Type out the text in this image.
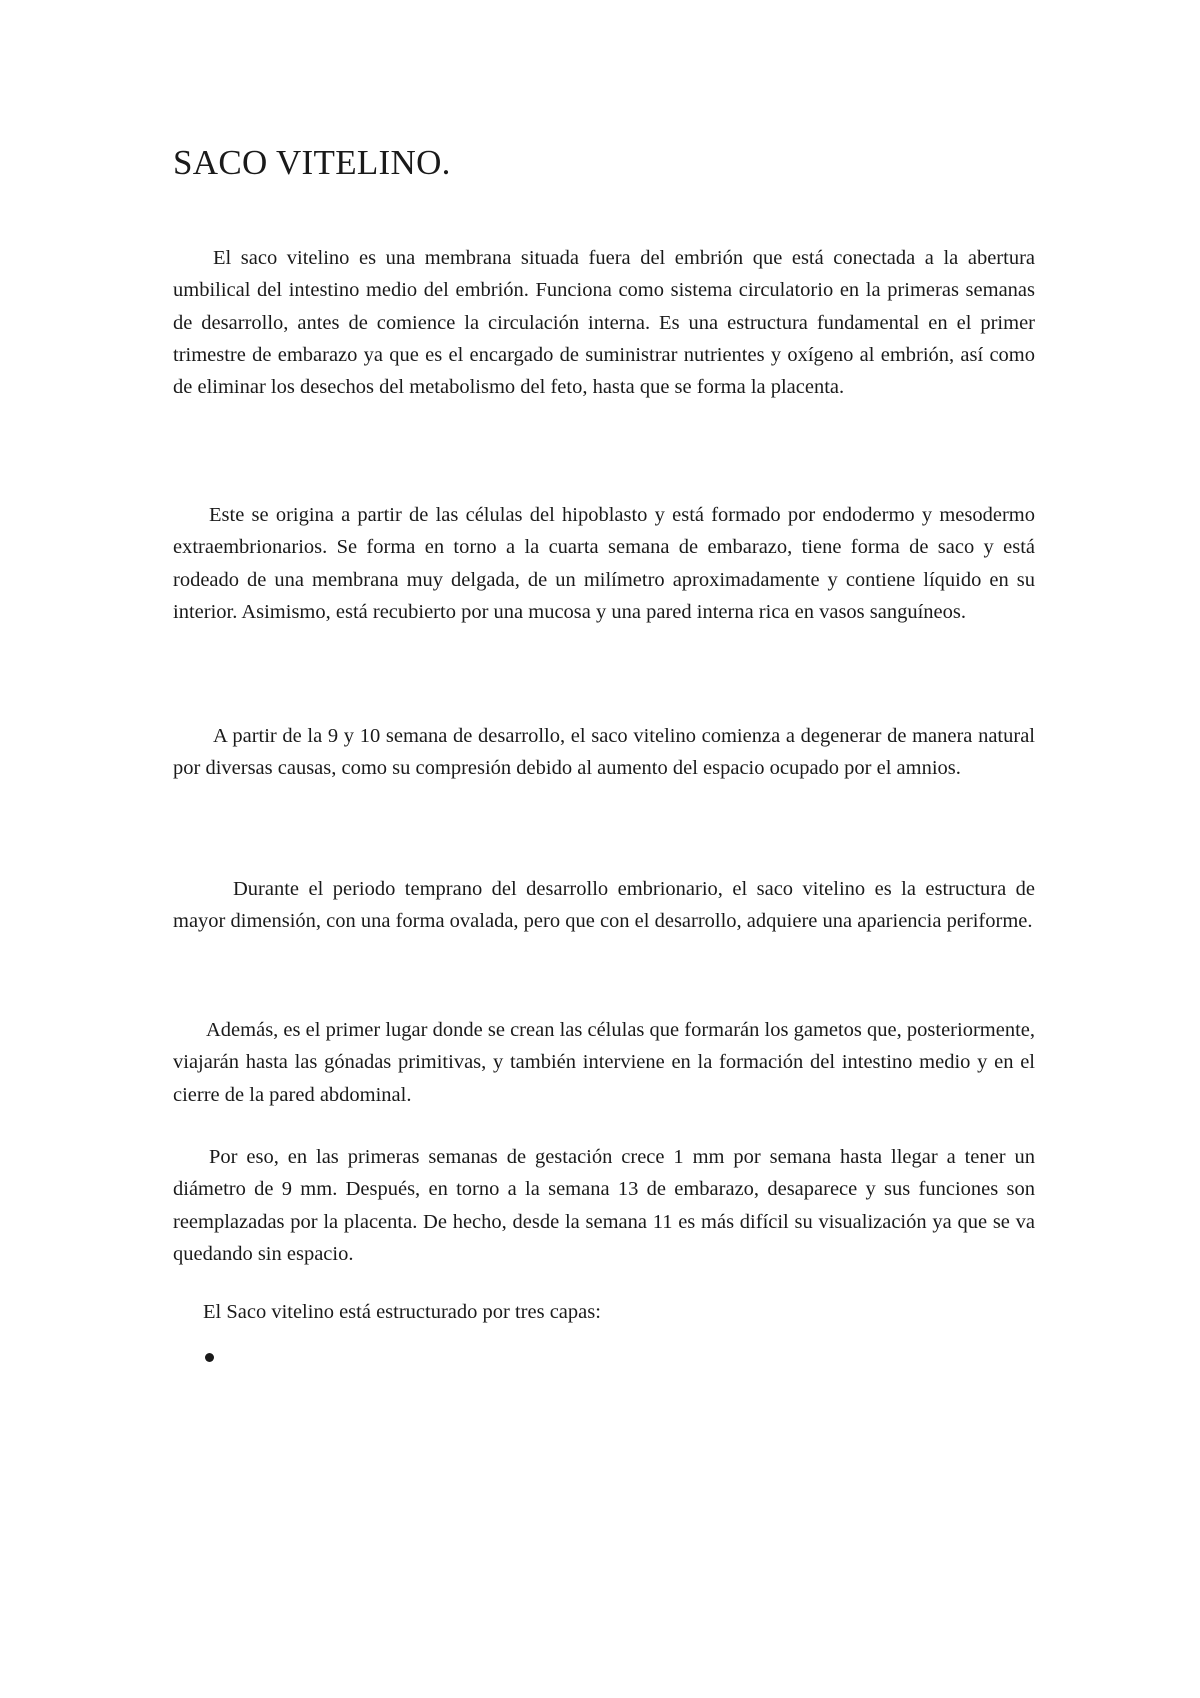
SACO VITELINO.

El saco vitelino es una membrana situada fuera del embrión que está conectada a la abertura umbilical del intestino medio del embrión. Funciona como sistema circulatorio en la primeras semanas de desarrollo, antes de comience la circulación interna. Es una estructura fundamental en el primer trimestre de embarazo ya que es el encargado de suministrar nutrientes y oxígeno al embrión, así como de eliminar los desechos del metabolismo del feto, hasta que se forma la placenta.

Este se origina a partir de las células del hipoblasto y está formado por endodermo y mesodermo extraembrionarios. Se forma en torno a la cuarta semana de embarazo, tiene forma de saco y está rodeado de una membrana muy delgada, de un milímetro aproximadamente y contiene líquido en su interior. Asimismo, está recubierto por una mucosa y una pared interna rica en vasos sanguíneos.

A partir de la 9 y 10 semana de desarrollo, el saco vitelino comienza a degenerar de manera natural por diversas causas, como su compresión debido al aumento del espacio ocupado por el amnios.

Durante el periodo temprano del desarrollo embrionario, el saco vitelino es la estructura de mayor dimensión, con una forma ovalada, pero que con el desarrollo, adquiere una apariencia periforme.

Además, es el primer lugar donde se crean las células que formarán los gametos que, posteriormente, viajarán hasta las gónadas primitivas, y también interviene en la formación del intestino medio y en el cierre de la pared abdominal.

Por eso, en las primeras semanas de gestación crece 1 mm por semana hasta llegar a tener un diámetro de 9 mm. Después, en torno a la semana 13 de embarazo, desaparece y sus funciones son reemplazadas por la placenta. De hecho, desde la semana 11 es más difícil su visualización ya que se va quedando sin espacio.

El Saco vitelino está estructurado por tres capas:
